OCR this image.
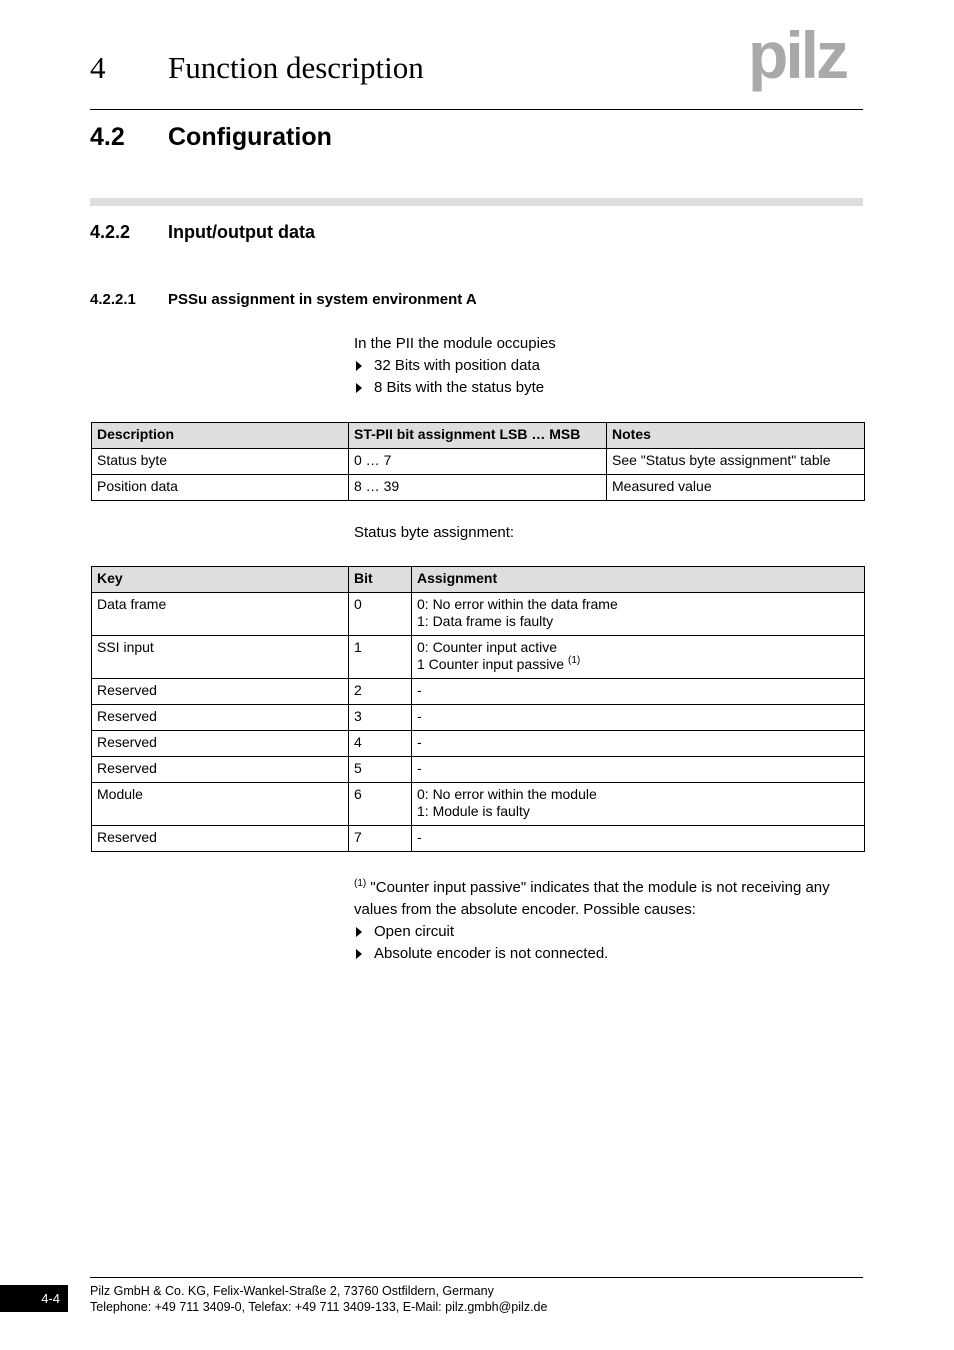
4 Function description	pilz
4.2 Configuration
4.2.2 Input/output data
4.2.2.1 PSSu assignment in system environment A
In the PII the module occupies
32 Bits with position data
8 Bits with the status byte
Description	ST-PII bit assignment LSB … MSB	Notes
Status byte	0 … 7	See "Status byte assignment" table
Position data	8 … 39	Measured value
Status byte assignment:
Key	Bit	Assignment
Data frame	0	0: No error within the data frame
1: Data frame is faulty

SSI input	1	0: Counter input active
1 Counter input passive $^{(1)}$

Reserved	2	-
Reserved	3	-
Reserved	4	-
Reserved	5	-
Module	6	0: No error within the module
1: Module is faulty

Reserved	7	-
$^{(1)}$ "Counter input passive" indicates that the module is not receiving any values from the absolute encoder. Possible causes:
Open circuit
Absolute encoder is not connected.
4-4	Pilz GmbH & Co. KG, Felix-Wankel-Straße 2, 73760 Ostfildern, Germany
Telephone: +49 711 3409-0, Telefax: +49 711 3409-133, E-Mail: pilz.gmbh@pilz.de
